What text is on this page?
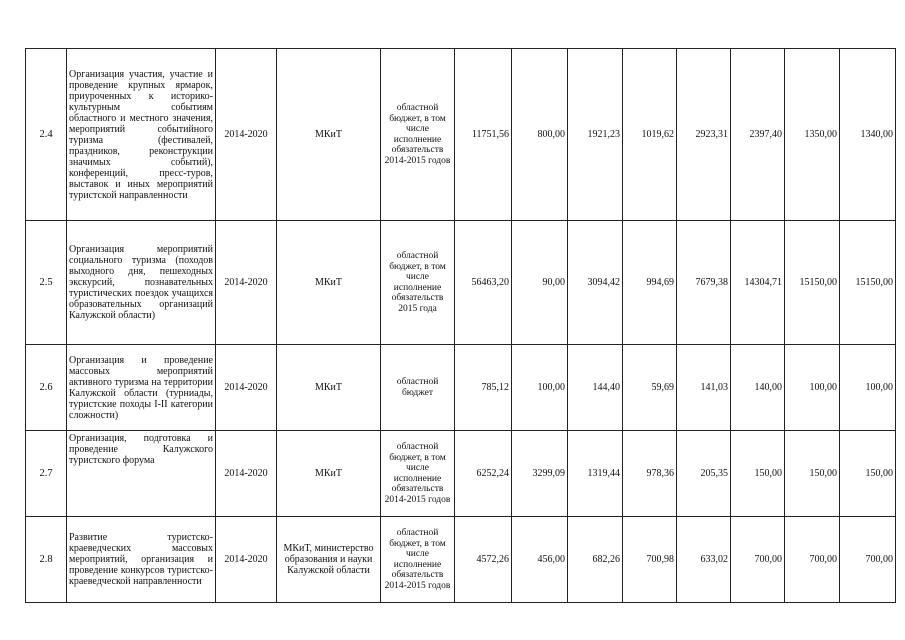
2.4	Организация участия, участие и проведение крупных ярмарок, приуроченных к историко-культурным событиям областного и местного значения, мероприятий событийного туризма (фестивалей, праздников, реконструкции значимых событий), конференций, пресс-туров, выставок и иных мероприятий туристской направленности	2014-2020	МКиТ	областной бюджет, в том числе исполнение обязательств 2014-2015 годов	11751,56	800,00	1921,23	1019,62	2923,31	2397,40	1350,00	1340,00
2.5	Организация мероприятий социального туризма (походов выходного дня, пешеходных экскурсий, познавательных туристических поездок учащихся образовательных организаций Калужской области)	2014-2020	МКиТ	областной бюджет, в том числе исполнение обязательств 2015 года	56463,20	90,00	3094,42	994,69	7679,38	14304,71	15150,00	15150,00
2.6	Организация и проведение массовых мероприятий активного туризма на территории Калужской области (турниады, туристские походы I-II категории сложности)	2014-2020	МКиТ	областной бюджет	785,12	100,00	144,40	59,69	141,03	140,00	100,00	100,00
2.7	Организация, подготовка и проведение Калужского туристского форума	2014-2020	МКиТ	областной бюджет, в том числе исполнение обязательств 2014-2015 годов	6252,24	3299,09	1319,44	978,36	205,35	150,00	150,00	150,00
2.8	Развитие туристско-краеведческих массовых мероприятий, организация и проведение конкурсов туристско-краеведческой направленности	2014-2020	МКиТ, министерство образования и науки Калужской области	областной бюджет, в том числе исполнение обязательств 2014-2015 годов	4572,26	456,00	682,26	700,98	633,02	700,00	700,00	700,00
